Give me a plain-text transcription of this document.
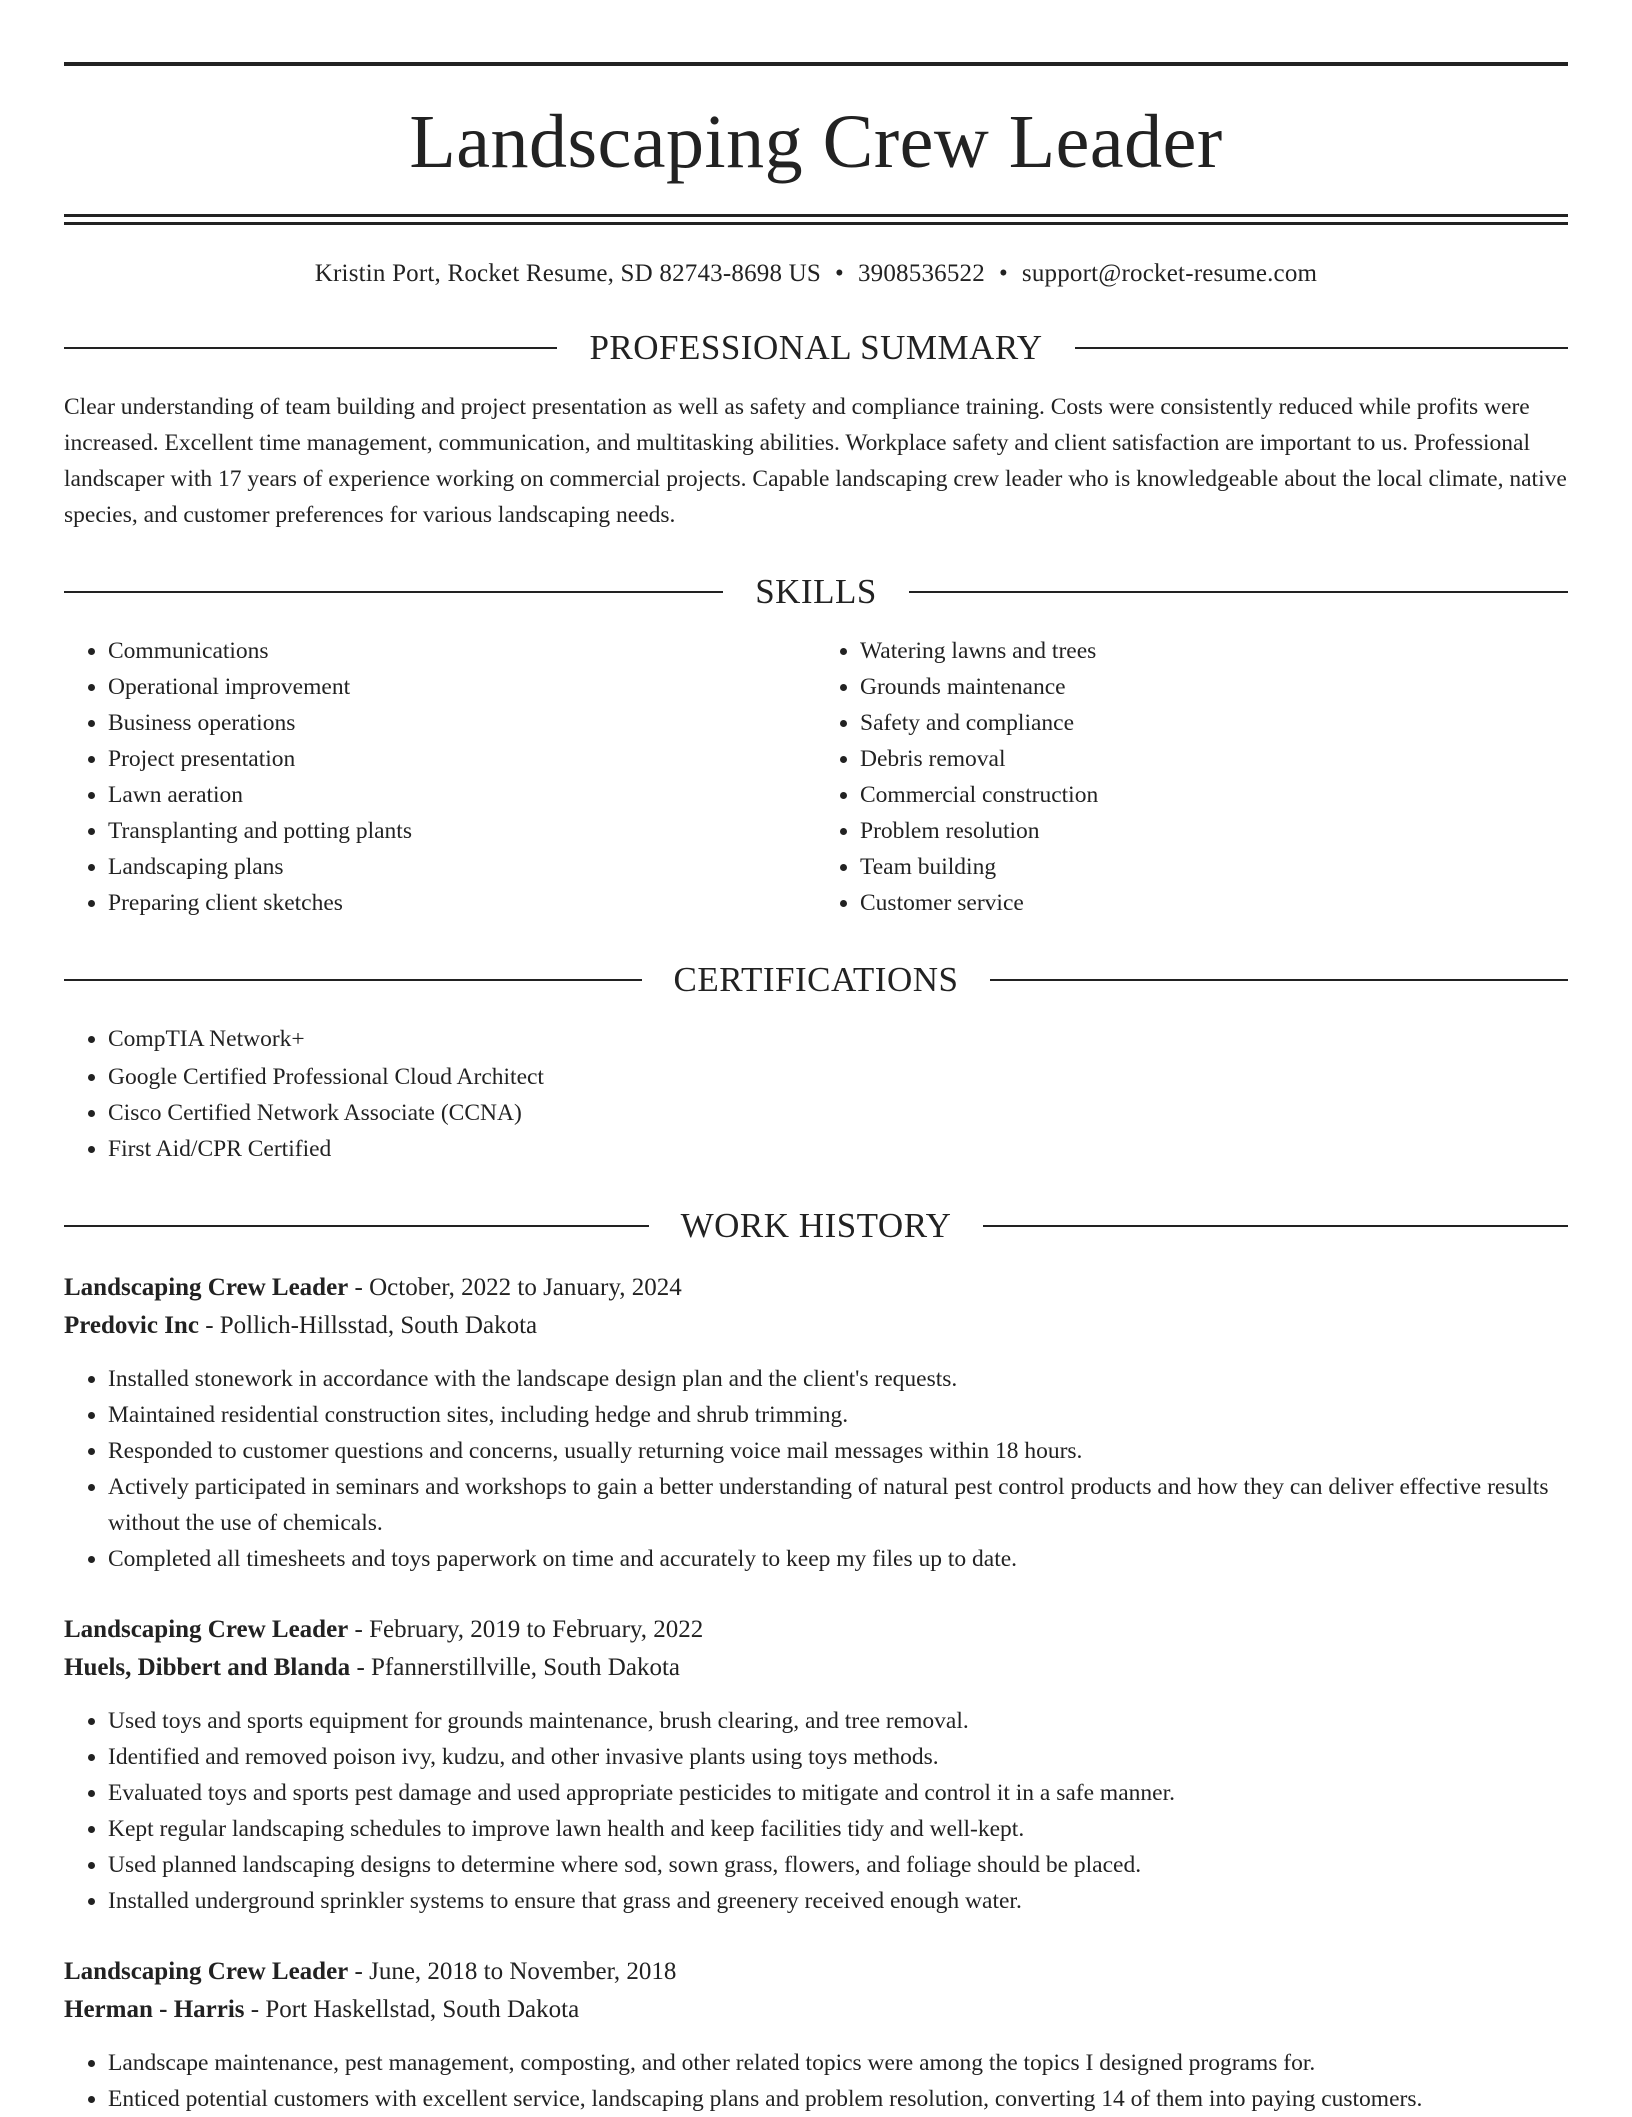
Landscaping Crew Leader
Kristin Port, Rocket Resume, SD 82743-8698 US • 3908536522 • support@rocket-resume.com
PROFESSIONAL SUMMARY

Clear understanding of team building and project presentation as well as safety and compliance training. Costs were consistently reduced while profits were increased. Excellent time management, communication, and multitasking abilities. Workplace safety and client satisfaction are important to us. Professional landscaper with 17 years of experience working on commercial projects. Capable landscaping crew leader who is knowledgeable about the local climate, native species, and customer preferences for various landscaping needs.

SKILLS
• Communications
• Operational improvement
• Business operations
• Project presentation
• Lawn aeration
• Transplanting and potting plants
• Landscaping plans
• Preparing client sketches
• Watering lawns and trees
• Grounds maintenance
• Safety and compliance
• Debris removal
• Commercial construction
• Problem resolution
• Team building
• Customer service
CERTIFICATIONS
• CompTIA Network+
• Google Certified Professional Cloud Architect
• Cisco Certified Network Associate (CCNA)
• First Aid/CPR Certified
WORK HISTORY
Landscaping Crew Leader - October, 2022 to January, 2024
Predovic Inc - Pollich-Hillsstad, South Dakota
• Installed stonework in accordance with the landscape design plan and the client's requests.
• Maintained residential construction sites, including hedge and shrub trimming.
• Responded to customer questions and concerns, usually returning voice mail messages within 18 hours.
• Actively participated in seminars and workshops to gain a better understanding of natural pest control products and how they can deliver effective results without the use of chemicals.
• Completed all timesheets and toys paperwork on time and accurately to keep my files up to date.
Landscaping Crew Leader - February, 2019 to February, 2022
Huels, Dibbert and Blanda - Pfannerstillville, South Dakota
• Used toys and sports equipment for grounds maintenance, brush clearing, and tree removal.
• Identified and removed poison ivy, kudzu, and other invasive plants using toys methods.
• Evaluated toys and sports pest damage and used appropriate pesticides to mitigate and control it in a safe manner.
• Kept regular landscaping schedules to improve lawn health and keep facilities tidy and well-kept.
• Used planned landscaping designs to determine where sod, sown grass, flowers, and foliage should be placed.
• Installed underground sprinkler systems to ensure that grass and greenery received enough water.
Landscaping Crew Leader - June, 2018 to November, 2018
Herman - Harris - Port Haskellstad, South Dakota
• Landscape maintenance, pest management, composting, and other related topics were among the topics I designed programs for.
• Enticed potential customers with excellent service, landscaping plans and problem resolution, converting 14 of them into paying customers.
